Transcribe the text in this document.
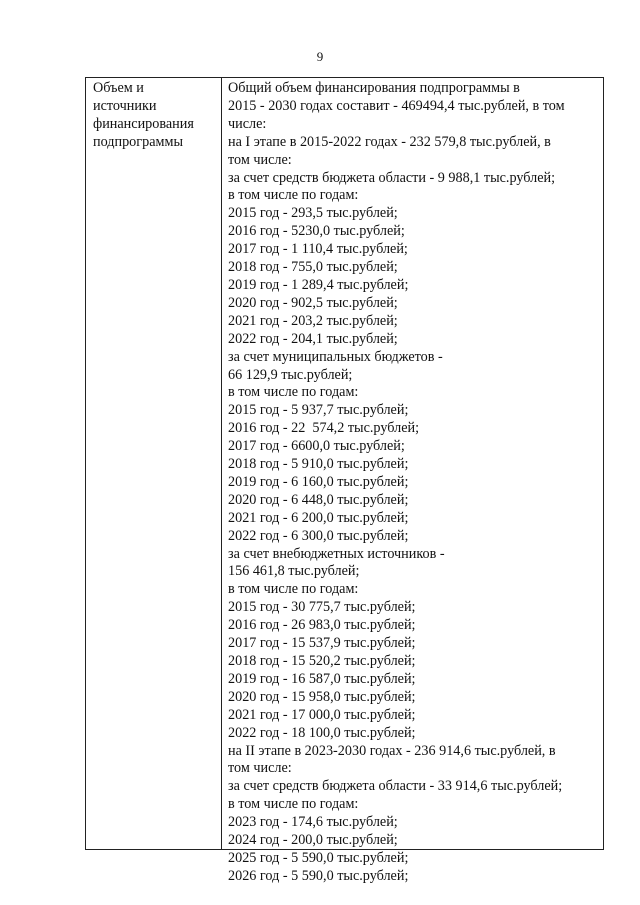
9
Объем и
источники
финансирования
подпрограммы
Общий объем финансирования подпрограммы в
2015 - 2030 годах составит - 469494,4 тыс.рублей, в том
числе:
на I этапе в 2015-2022 годах - 232 579,8 тыс.рублей, в
том числе:
за счет средств бюджета области - 9 988,1 тыс.рублей;
в том числе по годам:
2015 год - 293,5 тыс.рублей;
2016 год - 5230,0 тыс.рублей;
2017 год - 1 110,4 тыс.рублей;
2018 год - 755,0 тыс.рублей;
2019 год - 1 289,4 тыс.рублей;
2020 год - 902,5 тыс.рублей;
2021 год - 203,2 тыс.рублей;
2022 год - 204,1 тыс.рублей;
за счет муниципальных бюджетов -
66 129,9 тыс.рублей;
в том числе по годам:
2015 год - 5 937,7 тыс.рублей;
2016 год - 22  574,2 тыс.рублей;
2017 год - 6600,0 тыс.рублей;
2018 год - 5 910,0 тыс.рублей;
2019 год - 6 160,0 тыс.рублей;
2020 год - 6 448,0 тыс.рублей;
2021 год - 6 200,0 тыс.рублей;
2022 год - 6 300,0 тыс.рублей;
за счет внебюджетных источников -
156 461,8 тыс.рублей;
в том числе по годам:
2015 год - 30 775,7 тыс.рублей;
2016 год - 26 983,0 тыс.рублей;
2017 год - 15 537,9 тыс.рублей;
2018 год - 15 520,2 тыс.рублей;
2019 год - 16 587,0 тыс.рублей;
2020 год - 15 958,0 тыс.рублей;
2021 год - 17 000,0 тыс.рублей;
2022 год - 18 100,0 тыс.рублей;
на II этапе в 2023-2030 годах - 236 914,6 тыс.рублей, в
том числе:
за счет средств бюджета области - 33 914,6 тыс.рублей;
в том числе по годам:
2023 год - 174,6 тыс.рублей;
2024 год - 200,0 тыс.рублей;
2025 год - 5 590,0 тыс.рублей;
2026 год - 5 590,0 тыс.рублей;
